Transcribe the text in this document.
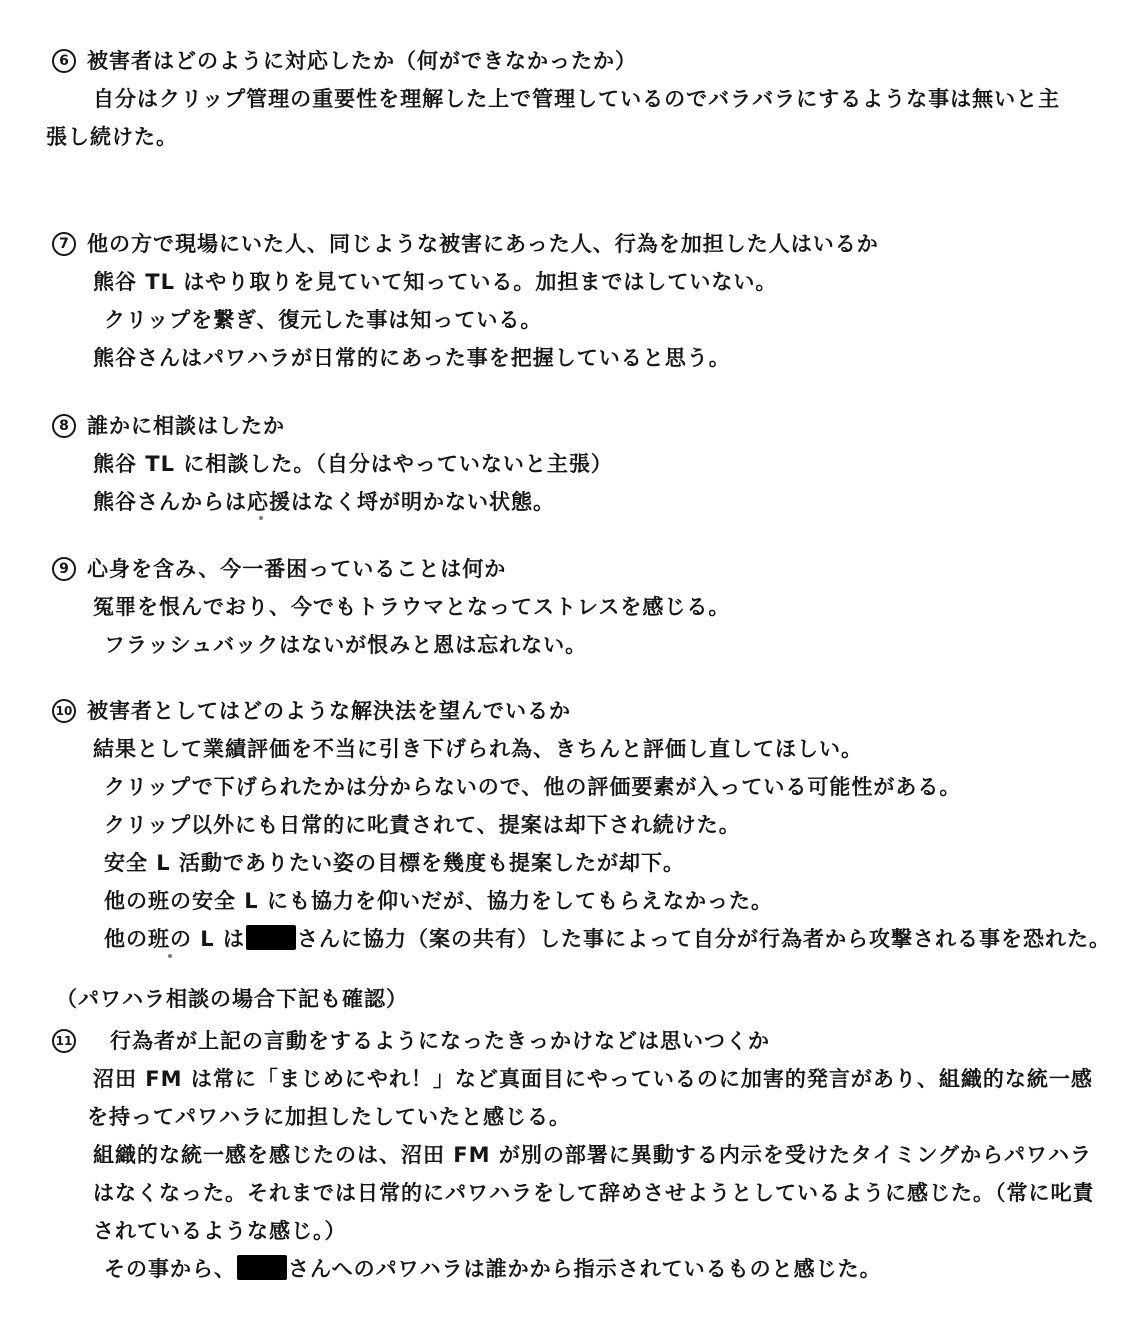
6 被害者はどのように対応したか（何ができなかったか）
自分はクリップ管理の重要性を理解した上で管理しているのでバラバラにするような事は無いと主
張し続けた。
7 他の方で現場にいた人、同じような被害にあった人、行為を加担した人はいるか
熊谷 TL はやり取りを見ていて知っている。加担まではしていない。
クリップを繋ぎ、復元した事は知っている。
熊谷さんはパワハラが日常的にあった事を把握していると思う。
8 誰かに相談はしたか
熊谷 TL に相談した。（自分はやっていないと主張）
熊谷さんからは応援はなく埒が明かない状態。
9 心身を含み、今一番困っていることは何か
冤罪を恨んでおり、今でもトラウマとなってストレスを感じる。
フラッシュバックはないが恨みと恩は忘れない。
10 被害者としてはどのような解決法を望んでいるか
結果として業績評価を不当に引き下げられ為、きちんと評価し直してほしい。
クリップで下げられたかは分からないので、他の評価要素が入っている可能性がある。
クリップ以外にも日常的に叱責されて、提案は却下され続けた。
安全 L 活動でありたい姿の目標を幾度も提案したが却下。
他の班の安全 L にも協力を仰いだが、協力をしてもらえなかった。
他の班の L は さんに協力（案の共有）した事によって自分が行為者から攻撃される事を恐れた。
（パワハラ相談の場合下記も確認）
11 行為者が上記の言動をするようになったきっかけなどは思いつくか
沼田 FM は常に「まじめにやれ！」など真面目にやっているのに加害的発言があり、組織的な統一感
を持ってパワハラに加担したしていたと感じる。
組織的な統一感を感じたのは、沼田 FM が別の部署に異動する内示を受けたタイミングからパワハラ
はなくなった。それまでは日常的にパワハラをして辞めさせようとしているように感じた。（常に叱責
されているような感じ。）
その事から、 さんへのパワハラは誰かから指示されているものと感じた。
